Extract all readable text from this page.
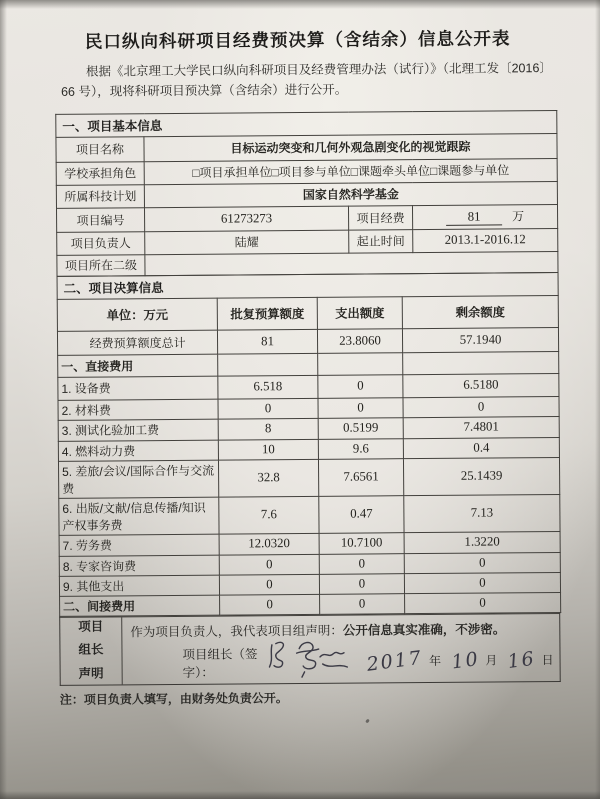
民口纵向科研项目经费预决算（含结余）信息公开表
根据《北京理工大学民口纵向科研项目及经费管理办法（试行）》（北理工发〔2016〕66 号），现将科研项目预决算（含结余）进行公开。
一、项目基本信息			
项目名称	目标运动突变和几何外观急剧变化的视觉跟踪		
学校承担角色	□项目承担单位□项目参与单位□课题牵头单位□课题参与单位		
所属科技计划	国家自然科学基金		
项目编号	61273273	项目经费	81 万
项目负责人	陆耀	起止时间	2013.1-2016.12
项目所在二级			
二、项目决算信息			
单位：万元	批复预算额度	支出额度	剩余额度
经费预算额度总计	81	23.8060	57.1940
一、直接费用			
1. 设备费	6.518	0	6.5180
2. 材料费	0	0	0
3. 测试化验加工费	8	0.5199	7.4801
4. 燃料动力费	10	9.6	0.4
5. 差旅/会议/国际合作与交流费	32.8	7.6561	25.1439
6. 出版/文献/信息传播/知识产权事务费	7.6	0.47	7.13
7. 劳务费	12.0320	10.7100	1.3220
8. 专家咨询费	0	0	0
9. 其他支出	0	0	0
二、间接费用	0	0	0
项目
组长
声明
作为项目负责人，我代表项目组声明：公开信息真实准确，不涉密。
项目组长（签字）：	2017 年 10 月 16 日
注：项目负责人填写，由财务处负责公开。
